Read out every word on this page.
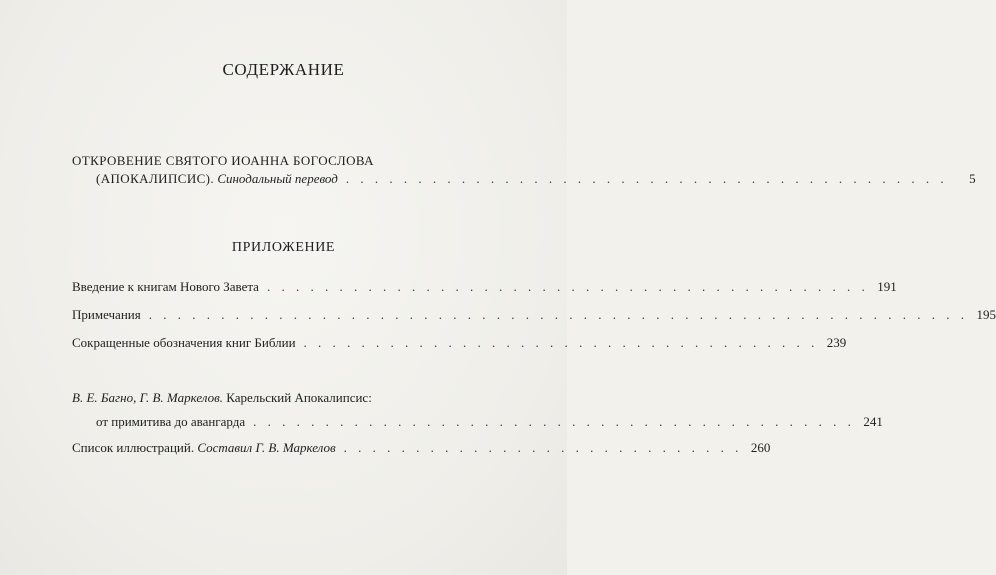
СОДЕРЖАНИЕ
ОТКРОВЕНИЕ СВЯТОГО ИОАННА БОГОСЛОВА
(АПОКАЛИПСИС). Синодальный перевод . . . . . . . . . . . . . . . . . . . . . . . . . . . . . . . . . . . . . . . . . .	5
ПРИЛОЖЕНИЕ
Введение к книгам Нового Завета . . . . . . . . . . . . . . . . . . . . . . . . . . . . . . . . . . . . . . . . . . 191
Примечания . . . . . . . . . . . . . . . . . . . . . . . . . . . . . . . . . . . . . . . . . . . . . . . . . . . . . . . . . 195
Сокращенные обозначения книг Библии . . . . . . . . . . . . . . . . . . . . . . . . . . . . . . . . . . . . 239
В. Е. Багно, Г. В. Маркелов. Карельский Апокалипсис:
от примитива до авангарда . . . . . . . . . . . . . . . . . . . . . . . . . . . . . . . . . . . . . . . . . . 241
Список иллюстраций. Составил Г. В. Маркелов . . . . . . . . . . . . . . . . . . . . . . . . . . . . 260
